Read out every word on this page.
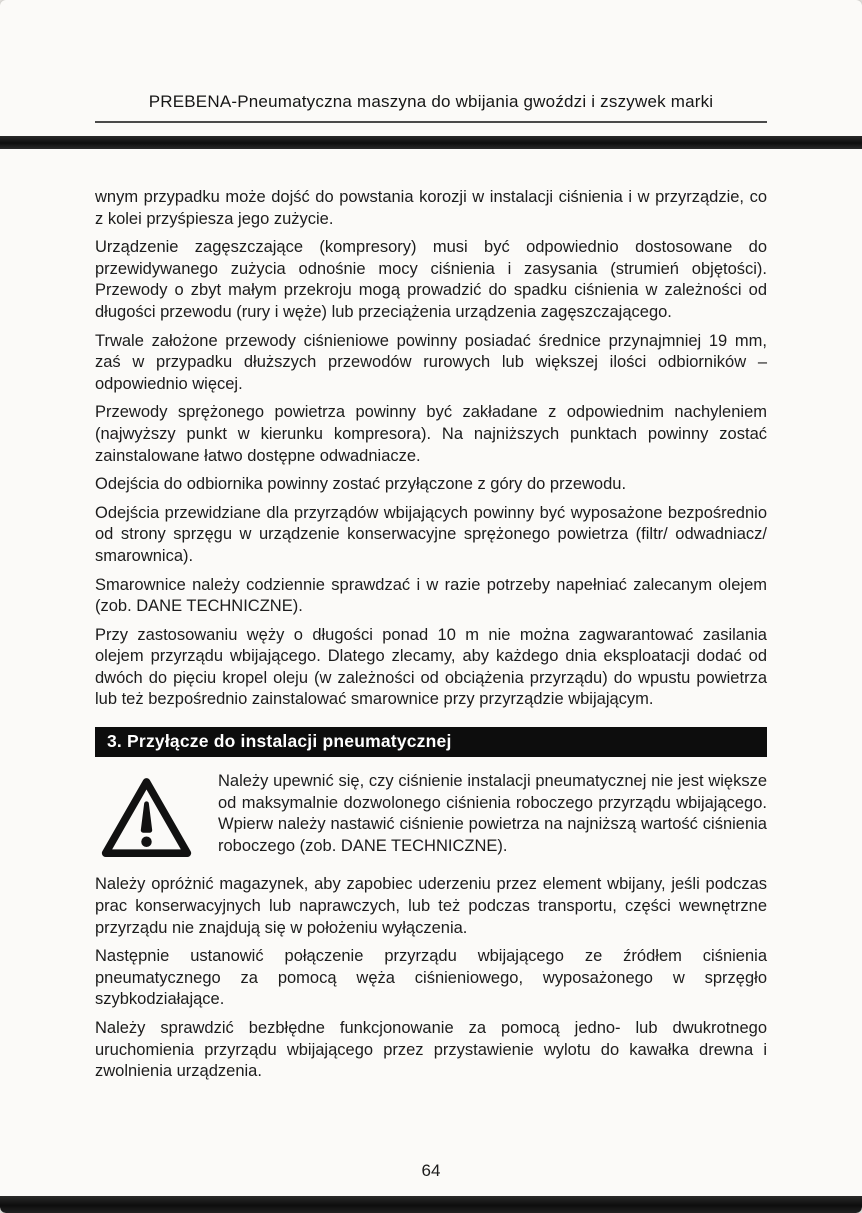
PREBENA-Pneumatyczna maszyna do wbijania gwoździ i zszywek marki

wnym przypadku może dojść do powstania korozji w instalacji ciśnienia i w przyrządzie, co z kolei przyśpiesza jego zużycie.

Urządzenie zagęszczające (kompresory) musi być odpowiednio dostosowane do przewidywanego zużycia odnośnie mocy ciśnienia i zasysania (strumień objętości). Przewody o zbyt małym przekroju mogą prowadzić do spadku ciśnienia w zależności od długości przewodu (rury i węże) lub przeciążenia urządzenia zagęszczającego.

Trwale założone przewody ciśnieniowe powinny posiadać średnice przynajmniej 19 mm, zaś w przypadku dłuższych przewodów rurowych lub większej ilości odbiorników – odpowiednio więcej.

Przewody sprężonego powietrza powinny być zakładane z odpowiednim nachyleniem (najwyższy punkt w kierunku kompresora). Na najniższych punktach powinny zostać zainstalowane łatwo dostępne odwadniacze.

Odejścia do odbiornika powinny zostać przyłączone z góry do przewodu.

Odejścia przewidziane dla przyrządów wbijających powinny być wyposażone bezpośrednio od strony sprzęgu w urządzenie konserwacyjne sprężonego powietrza (filtr/ odwadniacz/ smarownica).

Smarownice należy codziennie sprawdzać i w razie potrzeby napełniać zalecanym olejem (zob. DANE TECHNICZNE).

Przy zastosowaniu węży o długości ponad 10 m nie można zagwarantować zasilania olejem przyrządu wbijającego. Dlatego zlecamy, aby każdego dnia eksploatacji dodać od dwóch do pięciu kropel oleju (w zależności od obciążenia przyrządu) do wpustu powietrza lub też bezpośrednio zainstalować smarownice przy przyrządzie wbijającym.

3. Przyłącze do instalacji pneumatycznej

Należy upewnić się, czy ciśnienie instalacji pneumatycznej nie jest większe od maksymalnie dozwolonego ciśnienia roboczego przyrządu wbijającego. Wpierw należy nastawić ciśnienie powietrza na najniższą wartość ciśnienia roboczego (zob. DANE TECHNICZNE).

Należy opróżnić magazynek, aby zapobiec uderzeniu przez element wbijany, jeśli podczas prac konserwacyjnych lub naprawczych, lub też podczas transportu, części wewnętrzne przyrządu nie znajdują się w położeniu wyłączenia.

Następnie ustanowić połączenie przyrządu wbijającego ze źródłem ciśnienia pneumatycznego za pomocą węża ciśnieniowego, wyposażonego w sprzęgło szybkodziałające.

Należy sprawdzić bezbłędne funkcjonowanie za pomocą jedno- lub dwukrotnego uruchomienia przyrządu wbijającego przez przystawienie wylotu do kawałka drewna i zwolnienia urządzenia.

64
